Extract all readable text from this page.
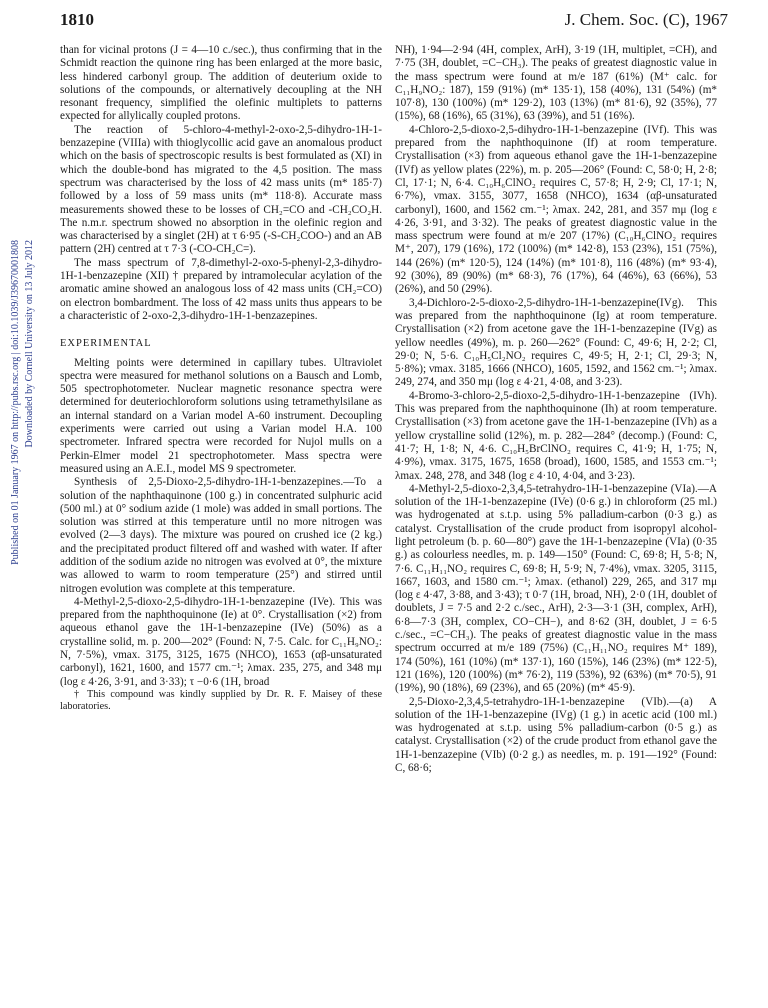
1810	J. Chem. Soc. (C), 1967
Published on 01 January 1967 on http://pubs.rsc.org | doi:10.1039/J39670001808 Downloaded by Cornell University on 13 July 2012

than for vicinal protons (J = 4—10 c./sec.), thus confirming that in the Schmidt reaction the quinone ring has been enlarged at the more basic, less hindered carbonyl group. The addition of deuterium oxide to solutions of the compounds, or alternatively decoupling at the NH resonant frequency, simplified the olefinic multiplets to patterns expected for allylically coupled protons.

The reaction of 5-chloro-4-methyl-2-oxo-2,5-dihydro-1H-1-benzazepine (VIIIa) with thioglycollic acid gave an anomalous product which on the basis of spectroscopic results is best formulated as (XI) in which the double-bond has migrated to the 4,5 position. The mass spectrum was characterised by the loss of 42 mass units (m* 185·7) followed by a loss of 59 mass units (m* 118·8). Accurate mass measurements showed these to be losses of CH₂=CO and -CH₂CO₂H. The n.m.r. spectrum showed no absorption in the olefinic region and was characterised by a singlet (2H) at τ 6·95 (-S-CH₂COO-) and an AB pattern (2H) centred at τ 7·3 (-CO-CH₂C=).

The mass spectrum of 7,8-dimethyl-2-oxo-5-phenyl-2,3-dihydro-1H-1-benzazepine (XII) † prepared by intramolecular acylation of the aromatic amine showed an analogous loss of 42 mass units (CH₂=CO) on electron bombardment. The loss of 42 mass units thus appears to be a characteristic of 2-oxo-2,3-dihydro-1H-1-benzazepines.

EXPERIMENTAL

Melting points were determined in capillary tubes. Ultraviolet spectra were measured for methanol solutions on a Bausch and Lomb, 505 spectrophotometer. Nuclear magnetic resonance spectra were determined for deuteriochloroform solutions using tetramethylsilane as an internal standard on a Varian model A-60 instrument. Decoupling experiments were carried out using a Varian model H.A. 100 spectrometer. Infrared spectra were recorded for Nujol mulls on a Perkin-Elmer model 21 spectrophotometer. Mass spectra were measured using an A.E.I., model MS 9 spectrometer.

Synthesis of 2,5-Dioxo-2,5-dihydro-1H-1-benzazepines.—To a solution of the naphthaquinone (100 g.) in concentrated sulphuric acid (500 ml.) at 0° sodium azide (1 mole) was added in small portions. The solution was stirred at this temperature until no more nitrogen was evolved (2—3 days). The mixture was poured on crushed ice (2 kg.) and the precipitated product filtered off and washed with water. If after addition of the sodium azide no nitrogen was evolved at 0°, the mixture was allowed to warm to room temperature (25°) and stirred until nitrogen evolution was complete at this temperature.

4-Methyl-2,5-dioxo-2,5-dihydro-1H-1-benzazepine (IVe). This was prepared from the naphthoquinone (Ie) at 0°. Crystallisation (×2) from aqueous ethanol gave the 1H-1-benzazepine (IVe) (50%) as a crystalline solid, m. p. 200—202° (Found: N, 7·5. Calc. for C₁₁H₉NO₂: N, 7·5%), νmax. 3175, 3125, 1675 (NHCO), 1653 (αβ-unsaturated carbonyl), 1621, 1600, and 1577 cm.⁻¹; λmax. 235, 275, and 348 mμ (log ε 4·26, 3·91, and 3·33); τ −0·6 (1H, broad

† This compound was kindly supplied by Dr. R. F. Maisey of these laboratories.

NH), 1·94—2·94 (4H, complex, ArH), 3·19 (1H, multiplet, =CH), and 7·75 (3H, doublet, =C−CH₃). The peaks of greatest diagnostic value in the mass spectrum were found at m/e 187 (61%) (M⁺ calc. for C₁₁H₉NO₂: 187), 159 (91%) (m* 135·1), 158 (40%), 131 (54%) (m* 107·8), 130 (100%) (m* 129·2), 103 (13%) (m* 81·6), 92 (35%), 77 (15%), 68 (16%), 65 (31%), 63 (39%), and 51 (16%).

4-Chloro-2,5-dioxo-2,5-dihydro-1H-1-benzazepine (IVf). This was prepared from the naphthoquinone (If) at room temperature. Crystallisation (×3) from aqueous ethanol gave the 1H-1-benzazepine (IVf) as yellow plates (22%), m. p. 205—206° (Found: C, 58·0; H, 2·8; Cl, 17·1; N, 6·4. C₁₀H₆ClNO₂ requires C, 57·8; H, 2·9; Cl, 17·1; N, 6·7%), νmax. 3155, 3077, 1658 (NHCO), 1634 (αβ-unsaturated carbonyl), 1600, and 1562 cm.⁻¹; λmax. 242, 281, and 357 mμ (log ε 4·26, 3·91, and 3·32). The peaks of greatest diagnostic value in the mass spectrum were found at m/e 207 (17%) (C₁₀H₆ClNO₂ requires M⁺, 207), 179 (16%), 172 (100%) (m* 142·8), 153 (23%), 151 (75%), 144 (26%) (m* 120·5), 124 (14%) (m* 101·8), 116 (48%) (m* 93·4), 92 (30%), 89 (90%) (m* 68·3), 76 (17%), 64 (46%), 63 (66%), 53 (26%), and 50 (29%).

3,4-Dichloro-2-5-dioxo-2,5-dihydro-1H-1-benzazepine(IVg). This was prepared from the naphthoquinone (Ig) at room temperature. Crystallisation (×2) from acetone gave the 1H-1-benzazepine (IVg) as yellow needles (49%), m. p. 260—262° (Found: C, 49·6; H, 2·2; Cl, 29·0; N, 5·6. C₁₀H₅Cl₂NO₂ requires C, 49·5; H, 2·1; Cl, 29·3; N, 5·8%); νmax. 3185, 1666 (NHCO), 1605, 1592, and 1562 cm.⁻¹; λmax. 249, 274, and 350 mμ (log ε 4·21, 4·08, and 3·23).

4-Bromo-3-chloro-2,5-dioxo-2,5-dihydro-1H-1-benzazepine (IVh). This was prepared from the naphthoquinone (Ih) at room temperature. Crystallisation (×3) from acetone gave the 1H-1-benzazepine (IVh) as a yellow crystalline solid (12%), m. p. 282—284° (decomp.) (Found: C, 41·7; H, 1·8; N, 4·6. C₁₀H₅BrClNO₂ requires C, 41·9; H, 1·75; N, 4·9%), νmax. 3175, 1675, 1658 (broad), 1600, 1585, and 1553 cm.⁻¹; λmax. 248, 278, and 348 (log ε 4·10, 4·04, and 3·23).

4-Methyl-2,5-dioxo-2,3,4,5-tetrahydro-1H-1-benzazepine (VIa).—A solution of the 1H-1-benzazepine (IVe) (0·6 g.) in chloroform (25 ml.) was hydrogenated at s.t.p. using 5% palladium-carbon (0·3 g.) as catalyst. Crystallisation of the crude product from isopropyl alcohol-light petroleum (b. p. 60—80°) gave the 1H-1-benzazepine (VIa) (0·35 g.) as colourless needles, m. p. 149—150° (Found: C, 69·8; H, 5·8; N, 7·6. C₁₁H₁₁NO₂ requires C, 69·8; H, 5·9; N, 7·4%), νmax. 3205, 3115, 1667, 1603, and 1580 cm.⁻¹; λmax. (ethanol) 229, 265, and 317 mμ (log ε 4·47, 3·88, and 3·43); τ 0·7 (1H, broad, NH), 2·0 (1H, doublet of doublets, J = 7·5 and 2·2 c./sec., ArH), 2·3—3·1 (3H, complex, ArH), 6·8—7·3 (3H, complex, CO−CH−), and 8·62 (3H, doublet, J = 6·5 c./sec., =C−CH₃). The peaks of greatest diagnostic value in the mass spectrum occurred at m/e 189 (75%) (C₁₁H₁₁NO₂ requires M⁺ 189), 174 (50%), 161 (10%) (m* 137·1), 160 (15%), 146 (23%) (m* 122·5), 121 (16%), 120 (100%) (m* 76·2), 119 (53%), 92 (63%) (m* 70·5), 91 (19%), 90 (18%), 69 (23%), and 65 (20%) (m* 45·9).

2,5-Dioxo-2,3,4,5-tetrahydro-1H-1-benzazepine (VIb).—(a) A solution of the 1H-1-benzazepine (IVg) (1 g.) in acetic acid (100 ml.) was hydrogenated at s.t.p. using 5% palladium-carbon (0·5 g.) as catalyst. Crystallisation (×2) of the crude product from ethanol gave the 1H-1-benzazepine (VIb) (0·2 g.) as needles, m. p. 191—192° (Found: C, 68·6;
